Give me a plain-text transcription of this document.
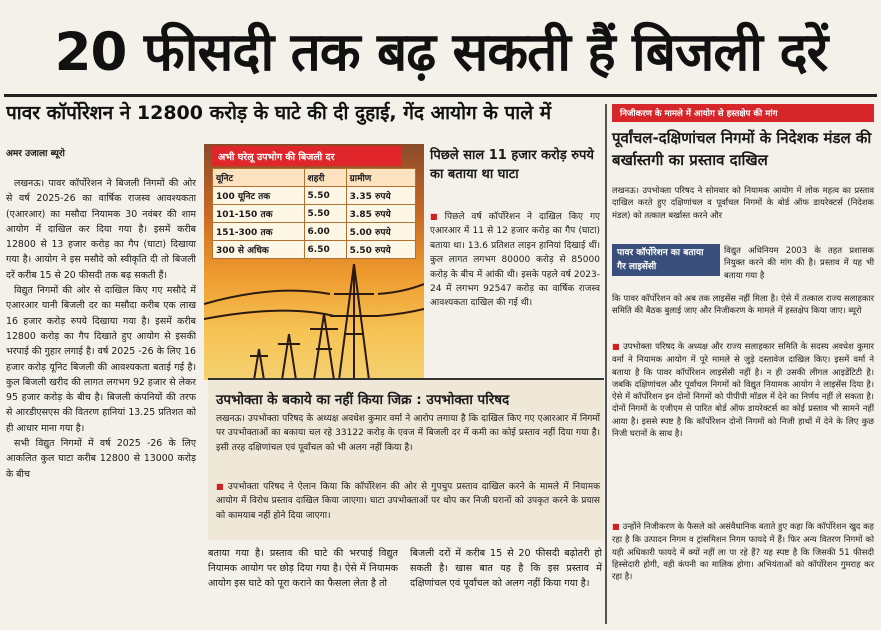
20 फीसदी तक बढ़ सकती हैं बिजली दरें
पावर कॉर्पोरेशन ने 12800 करोड़ के घाटे की दी दुहाई, गेंद आयोग के पाले में
अमर उजाला ब्यूरो

लखनऊ। पावर कॉर्पोरेशन ने बिजली निगमों की ओर से वर्ष 2025-26 का वार्षिक राजस्व आवश्यकता (एआरआर) का मसौदा नियामक 30 नवंबर की शाम आयोग में दाखिल कर दिया गया है। इसमें करीब 12800 से 13 हजार करोड़ का गैप (घाटा) दिखाया गया है। आयोग ने इस मसौदे को स्वीकृति दी तो बिजली दरें करीब 15 से 20 फीसदी तक बढ़ सकती हैं।

विद्युत निगमों की ओर से दाखिल किए गए मसौदे में एआरआर यानी बिजली दर का मसौदा करीब एक लाख 16 हजार करोड़ रुपये दिखाया गया है। इसमें करीब 12800 करोड़ का गैप दिखाते हुए आयोग से इसकी भरपाई की गुहार लगाई है। वर्ष 2025 -26 के लिए 16 हजार करोड़ यूनिट बिजली की आवश्यकता बताई गई है। कुल बिजली खरीद की लागत लगभग 92 हजार से लेकर 95 हजार करोड़ के बीच है। बिजली कंपनियों की तरफ से आरडीएसएस की वितरण हानियां 13.25 प्रतिशत को ही आधार माना गया है।

सभी विद्युत निगमों में वर्ष 2025 -26 के लिए आकलित कुल घाटा करीब 12800 से 13000 करोड़ के बीच

अभी घरेलू उपभोग की बिजली दर
यूनिट	शहरी	ग्रामीण
100 यूनिट तक	5.50	3.35 रुपये
101-150 तक	5.50	3.85 रुपये
151-300 तक	6.00	5.00 रुपये
300 से अधिक	6.50	5.50 रुपये
पिछले साल 11 हजार करोड़ रुपये का बताया था घाटा
■ पिछले वर्ष कॉर्पोरेशन ने दाखिल किए गए एआरआर में 11 से 12 हजार करोड़ का गैप (घाटा) बताया था। 13.6 प्रतिशत लाइन हानियां दिखाई थीं। कुल लागत लगभग 80000 करोड़ से 85000 करोड़ के बीच में आंकी थी। इसके पहले वर्ष 2023-24 में लगभग 92547 करोड़ का वार्षिक राजस्व आवश्यकता दाखिल की गई थी।
उपभोक्ता के बकाये का नहीं किया जिक्र : उपभोक्ता परिषद
लखनऊ। उपभोक्ता परिषद के अध्यक्ष अवधेश कुमार वर्मा ने आरोप लगाया है कि दाखिल किए गए एआरआर में निगमों पर उपभोक्ताओं का बकाया चल रहे 33122 करोड़ के एवज में बिजली दर में कमी का कोई प्रस्ताव नहीं दिया गया है। इसी तरह दक्षिणांचल एवं पूर्वांचल को भी अलग नहीं किया है।
■ उपभोक्ता परिषद ने ऐलान किया कि कॉर्पोरेशन की ओर से गुपचुप प्रस्ताव दाखिल करने के मामले में नियामक आयोग में विरोध प्रस्ताव दाखिल किया जाएगा। घाटा उपभोक्ताओं पर थोप कर निजी घरानों को उपकृत करने के प्रयास को कामयाब नहीं होने दिया जाएगा।
बताया गया है। प्रस्ताव की घाटे की भरपाई विद्युत नियामक आयोग पर छोड़ दिया गया है। ऐसे में नियामक आयोग इस घाटे को पूरा कराने का फैसला लेता है तो
बिजली दरों में करीब 15 से 20 फीसदी बढ़ोतरी हो सकती है। खास बात यह है कि इस प्रस्ताव में दक्षिणांचल एवं पूर्वांचल को अलग नहीं किया गया है।
निजीकरण के मामले में आयोग से हस्तक्षेप की मांग
पूर्वांचल-दक्षिणांचल निगमों के निदेशक मंडल की बर्खास्तगी का प्रस्ताव दाखिल
लखनऊ। उपभोक्ता परिषद ने सोमवार को नियामक आयोग में लोक महत्व का प्रस्ताव दाखिल करते हुए दक्षिणांचल व पूर्वांचल निगमों के बोर्ड ऑफ डायरेक्टर्स (निदेशक मंडल) को तत्काल बर्खास्त करने और
पावर कॉर्पोरेशन का बताया गैर लाइसेंसी
विद्युत अधिनियम 2003 के तहत प्रशासक नियुक्त करने की मांग की है। प्रस्ताव में यह भी बताया गया है
कि पावर कॉर्पोरेशन को अब तक लाइसेंस नहीं मिला है। ऐसे में तत्काल राज्य सलाहकार समिति की बैठक बुलाई जाए और निजीकरण के मामले में हस्तक्षेप किया जाए। ब्यूरो
■ उपभोक्ता परिषद के अध्यक्ष और राज्य सलाहकार समिति के सदस्य अवधेश कुमार वर्मा ने नियामक आयोग में पूरे मामले से जुड़े दस्तावेज दाखिल किए। इसमें वर्मा ने बताया है कि पावर कॉर्पोरेशन लाइसेंसी नहीं है। न ही उसकी लीगल आइडेंटिटी है। जबकि दक्षिणांचल और पूर्वांचल निगमों को विद्युत नियामक आयोग ने लाइसेंस दिया है। ऐसे में कॉर्पोरेशन इन दोनों निगमों को पीपीपी मॉडल में देने का निर्णय नहीं ले सकता है। दोनों निगमों के एजीएम से पारित बोर्ड ऑफ डायरेक्टर्स का कोई प्रस्ताव भी सामने नहीं आया है। इससे स्पष्ट है कि कॉर्पोरेशन दोनों निगमों को निजी हाथों में देने के लिए कुछ निजी घरानों के साथ है।
■ उन्होंने निजीकरण के फैसले को असंवैधानिक बताते हुए कहा कि कॉर्पोरेशन खुद कह रहा है कि उत्पादन निगम व ट्रांसमिशन निगम फायदे में हैं। फिर अन्य वितरण निगमों को यही अधिकारी फायदे में क्यों नहीं ला पा रहे हैं? यह स्पष्ट है कि जिसकी 51 फीसदी हिस्सेदारी होगी, वही कंपनी का मालिक होगा। अभियंताओं को कॉर्पोरेशन गुमराह कर रहा है।
